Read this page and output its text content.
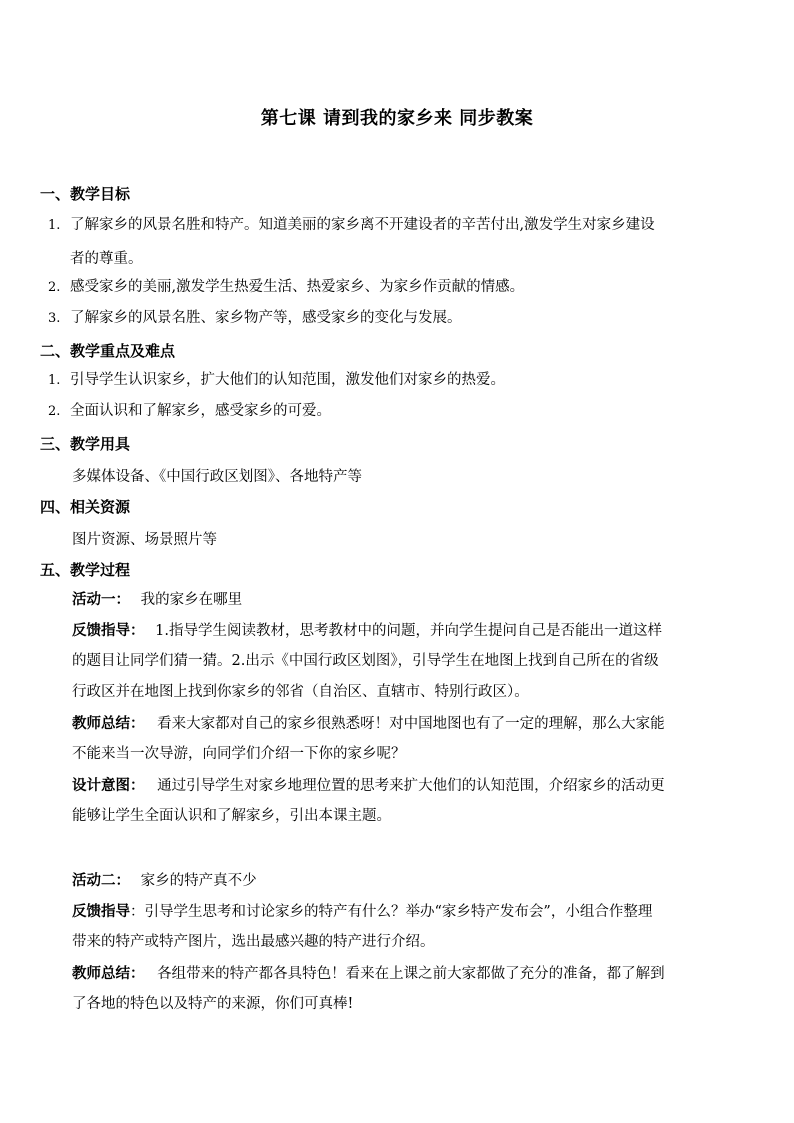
第七课 请到我的家乡来 同步教案
一、教学目标
1. 了解家乡的风景名胜和特产。知道美丽的家乡离不开建设者的辛苦付出,激发学生对家乡建设
者的尊重。
2. 感受家乡的美丽,激发学生热爱生活、热爱家乡、为家乡作贡献的情感。
3. 了解家乡的风景名胜、家乡物产等，感受家乡的变化与发展。
二、教学重点及难点
1. 引导学生认识家乡，扩大他们的认知范围，激发他们对家乡的热爱。
2. 全面认识和了解家乡，感受家乡的可爱。
三、教学用具
多媒体设备、《中国行政区划图》、各地特产等
四、相关资源
图片资源、场景照片等
五、教学过程
活动一： 我的家乡在哪里
反馈指导： 1.指导学生阅读教材，思考教材中的问题，并向学生提问自己是否能出一道这样
的题目让同学们猜一猜。2.出示《中国行政区划图》，引导学生在地图上找到自己所在的省级
行政区并在地图上找到你家乡的邻省（自治区、直辖市、特别行政区）。
教师总结： 看来大家都对自己的家乡很熟悉呀！对中国地图也有了一定的理解，那么大家能
不能来当一次导游，向同学们介绍一下你的家乡呢？
设计意图： 通过引导学生对家乡地理位置的思考来扩大他们的认知范围，介绍家乡的活动更
能够让学生全面认识和了解家乡，引出本课主题。
活动二： 家乡的特产真不少
反馈指导：引导学生思考和讨论家乡的特产有什么？举办“家乡特产发布会”，小组合作整理
带来的特产或特产图片，选出最感兴趣的特产进行介绍。
教师总结： 各组带来的特产都各具特色！看来在上课之前大家都做了充分的准备，都了解到
了各地的特色以及特产的来源，你们可真棒!
